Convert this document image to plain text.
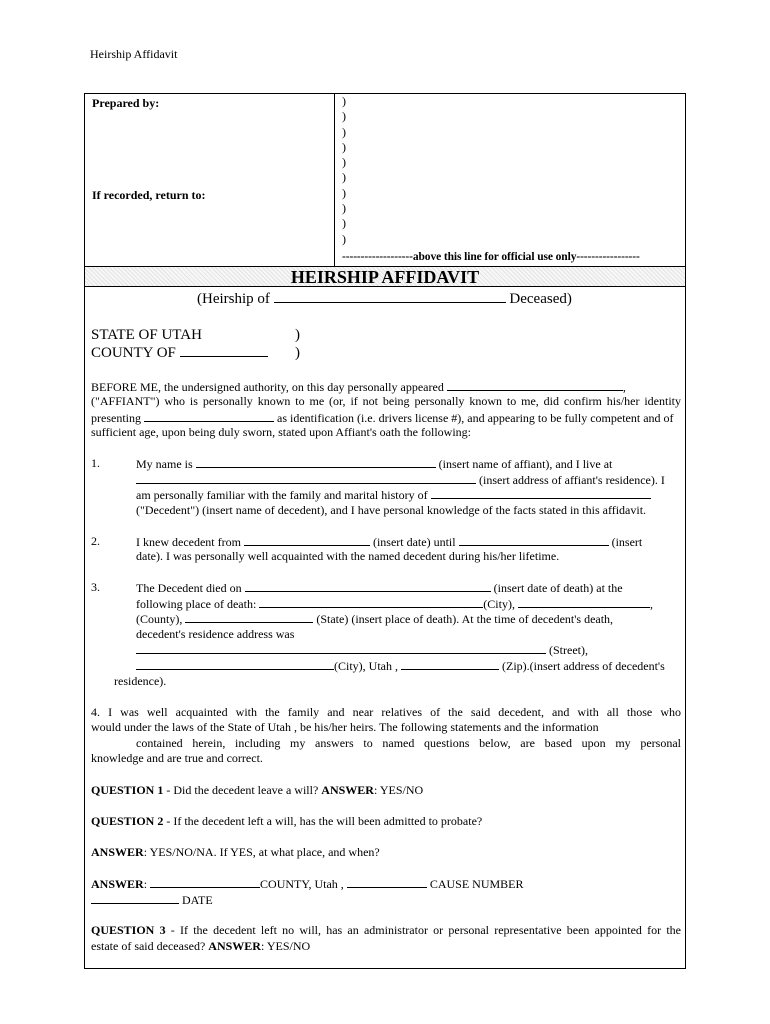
Heirship Affidavit
Prepared by:
If recorded, return to:
)
)
)
)
)
)
)
)
)
)
-------------------above this line for official use only-----------------
HEIRSHIP AFFIDAVIT
(Heirship of	Deceased)
STATE OF UTAH	)
COUNTY OF	)
BEFORE ME, the undersigned authority, on this day personally appeared	,
("AFFIANT") who is personally known to me (or, if not being personally known to me, did confirm his/her identity
presenting	as identification (i.e. drivers license #), and appearing to be fully competent and of
sufficient age, upon being duly sworn, stated upon Affiant's oath the following:
1.	My name is	(insert name of affiant), and I live at
(insert address of affiant's residence). I
am personally familiar with the family and marital history of
("Decedent") (insert name of decedent), and I have personal knowledge of the facts stated in this affidavit.
2.	I knew decedent from	(insert date) until	(insert
date). I was personally well acquainted with the named decedent during his/her lifetime.
3.	The Decedent died on	(insert date of death) at the
following place of death:	(City),	,
(County),	(State) (insert place of death). At the time of decedent's death,
decedent's residence address was
(Street),
(City), Utah ,	(Zip).(insert address of decedent's
residence).
4. I was well acquainted with the family and near relatives of the said decedent, and with all those who
would under the laws of the State of Utah , be his/her heirs. The following statements and the information
contained herein, including my answers to named questions below, are based upon my personal
knowledge and are true and correct.
QUESTION 1 - Did the decedent leave a will? ANSWER: YES/NO
QUESTION 2 - If the decedent left a will, has the will been admitted to probate?
ANSWER: YES/NO/NA. If YES, at what place, and when?
ANSWER:	COUNTY, Utah ,	CAUSE NUMBER
DATE
QUESTION 3 - If the decedent left no will, has an administrator or personal representative been appointed for the
estate of said deceased? ANSWER: YES/NO
